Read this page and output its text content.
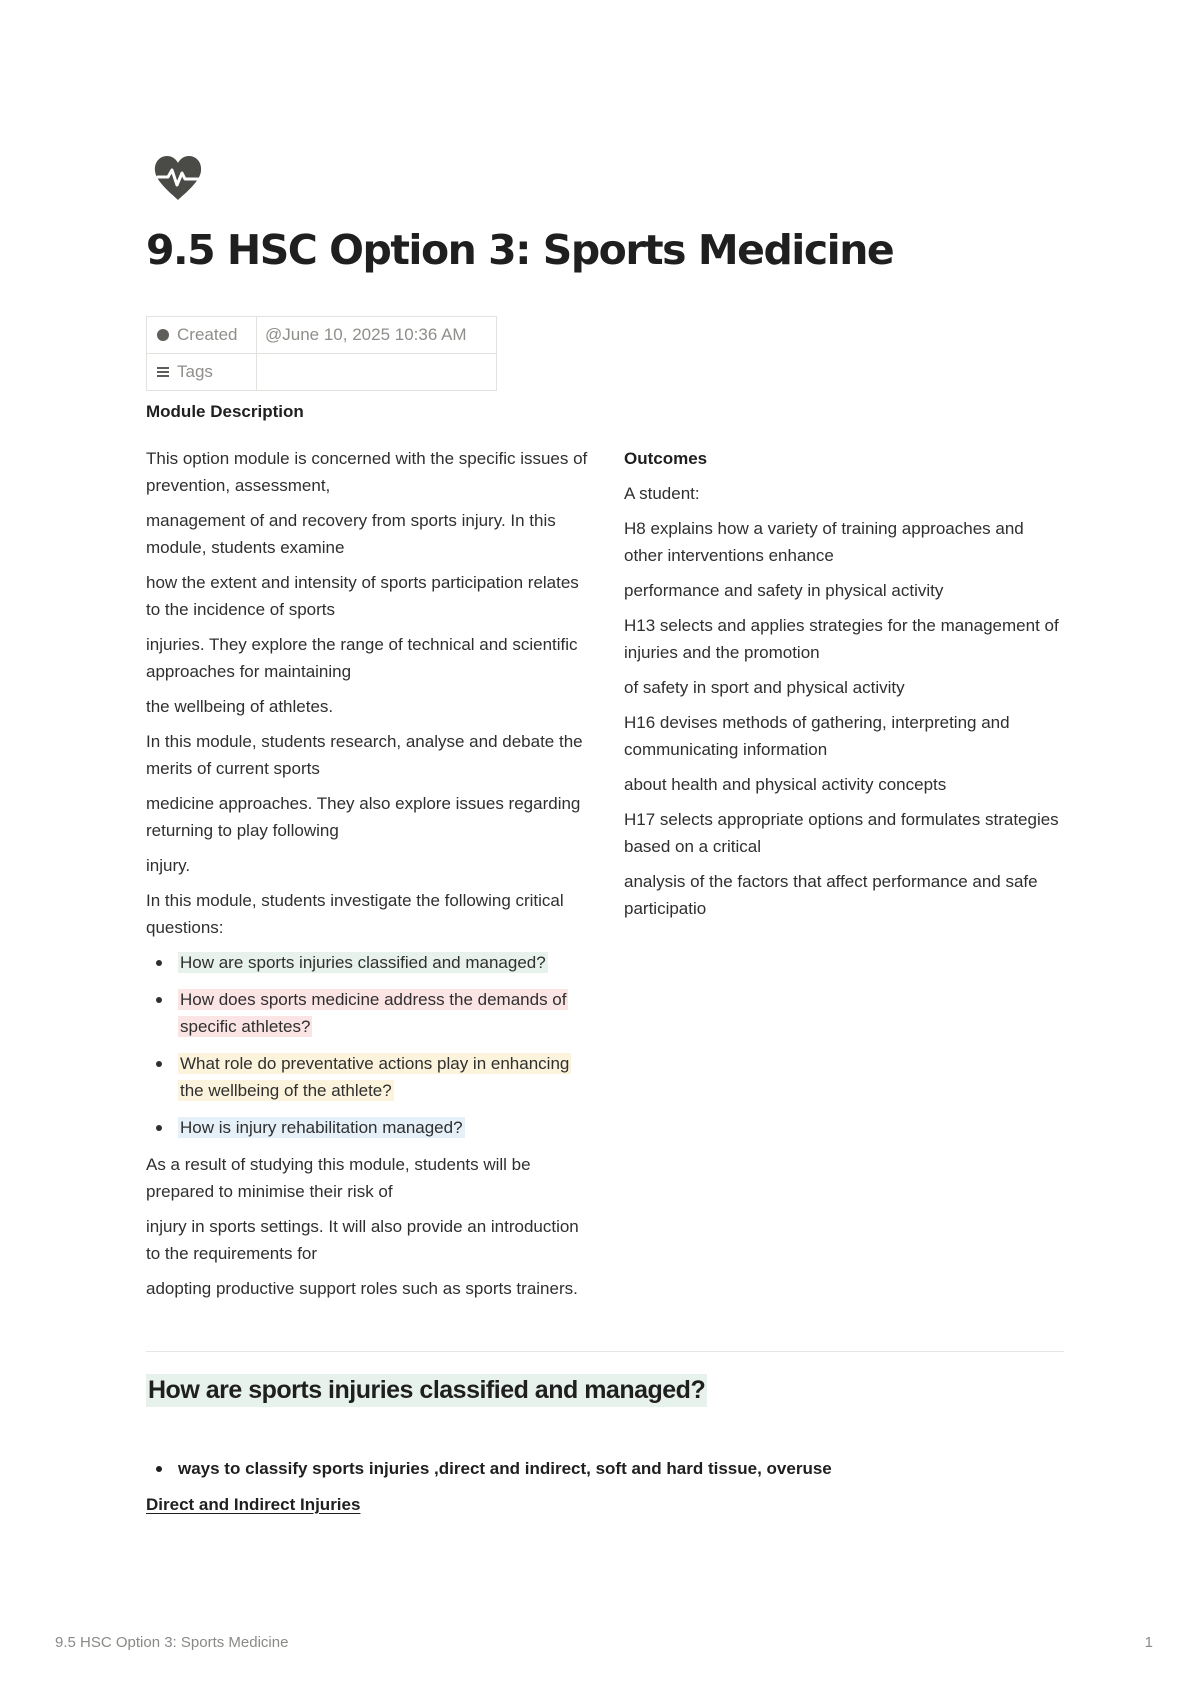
9.5 HSC Option 3: Sports Medicine
Created	@June 10, 2025 10:36 AM
Tags	
Module Description

This option module is concerned with the specific issues of prevention, assessment,

management of and recovery from sports injury. In this module, students examine

how the extent and intensity of sports participation relates to the incidence of sports

injuries. They explore the range of technical and scientific approaches for maintaining

the wellbeing of athletes.

In this module, students research, analyse and debate the merits of current sports

medicine approaches. They also explore issues regarding returning to play following

injury.

In this module, students investigate the following critical questions:

How are sports injuries classified and managed?
How does sports medicine address the demands of specific athletes?
What role do preventative actions play in enhancing the wellbeing of the athlete?
How is injury rehabilitation managed?

As a result of studying this module, students will be prepared to minimise their risk of

injury in sports settings. It will also provide an introduction to the requirements for

adopting productive support roles such as sports trainers.

Outcomes

A student:

H8 explains how a variety of training approaches and other interventions enhance

performance and safety in physical activity

H13 selects and applies strategies for the management of injuries and the promotion

of safety in sport and physical activity

H16 devises methods of gathering, interpreting and communicating information

about health and physical activity concepts

H17 selects appropriate options and formulates strategies based on a critical

analysis of the factors that affect performance and safe participatio

How are sports injuries classified and managed?
ways to classify sports injuries ,direct and indirect, soft and hard tissue, overuse
Direct and Indirect Injuries
9.5 HSC Option 3: Sports Medicine	1
